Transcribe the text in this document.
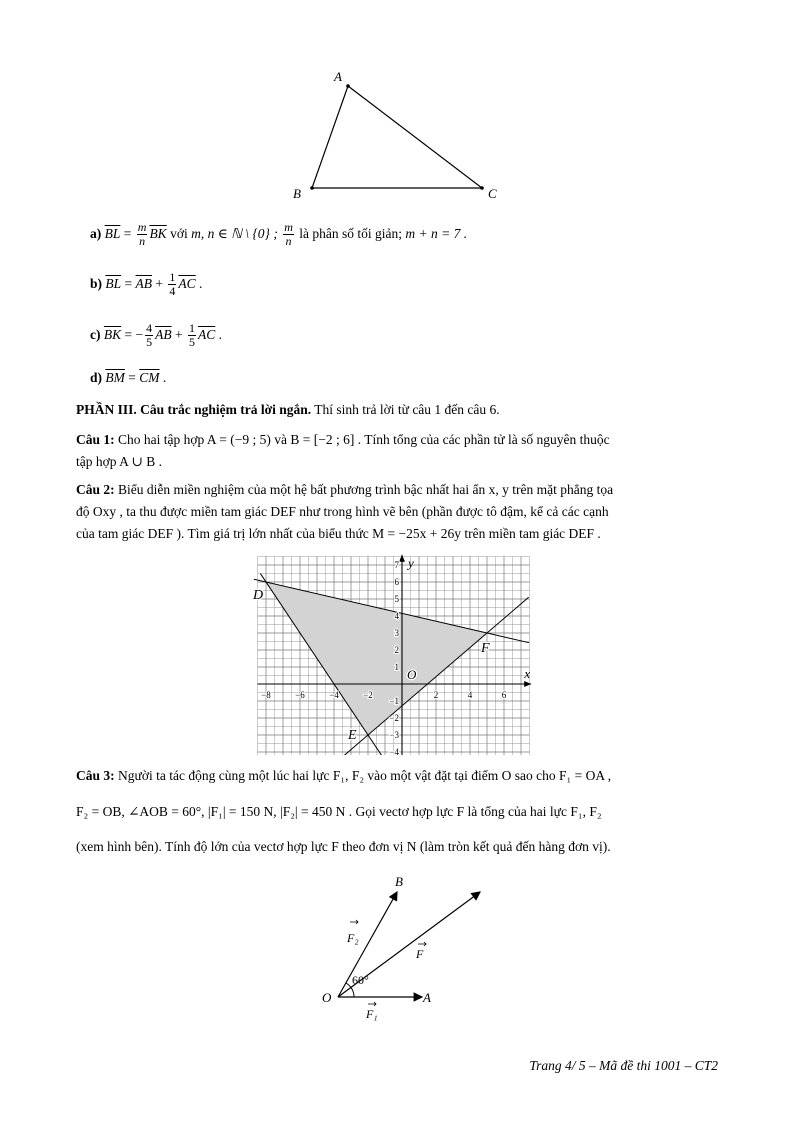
A
B	C
a) $\overline{BL} = \frac{m}{n} \overline{BK}$ với m, n ∈ ℕ \ {0} ; $\frac{m}{n}$ là phân số tối giản; m + n = 7 .
b) $\overline{BL} = \overline{AB} + \frac{1}{4} \overline{AC}$ .
c) $\overline{BK}$ = − $\frac{4}{5} \overline{AB} + \frac{1}{5} \overline{AC}$ .
d) $\overline{BM} = \overline{CM}$ .
PHẦN III. Câu trắc nghiệm trả lời ngắn. Thí sinh trả lời từ câu 1 đến câu 6.
Câu 1: Cho hai tập hợp A = (−9 ; 5) và B = [−2 ; 6] . Tính tổng của các phần tử là số nguyên thuộc
tập hợp A ∪ B .
Câu 2: Biểu diễn miền nghiệm của một hệ bất phương trình bậc nhất hai ẩn x, y trên mặt phẳng tọa
độ Oxy , ta thu được miền tam giác DEF như trong hình vẽ bên (phần được tô đậm, kể cả các cạnh
của tam giác DEF ). Tìm giá trị lớn nhất của biểu thức M = −25x + 26y trên miền tam giác DEF .
x
y
O
−8	−6	−4	−2	2	4	6
7
6
5
4
3
2
1
−1
−2
−3
−4
D
E
F
Câu 3: Người ta tác động cùng một lúc hai lực F₁, F₂ vào một vật đặt tại điểm O sao cho F₁ = OA ,
F₂ = OB, ∠AOB = 60°, |F₁| = 150 N, |F₂| = 450 N . Gọi vectơ hợp lực F là tổng của hai lực F₁, F₂
(xem hình bên). Tính độ lớn của vectơ hợp lực F theo đơn vị N (làm tròn kết quả đến hàng đơn vị).
60°
O	A
B
F₂
F
F₁
Trang 4/ 5 – Mã đề thi 1001 – CT2
